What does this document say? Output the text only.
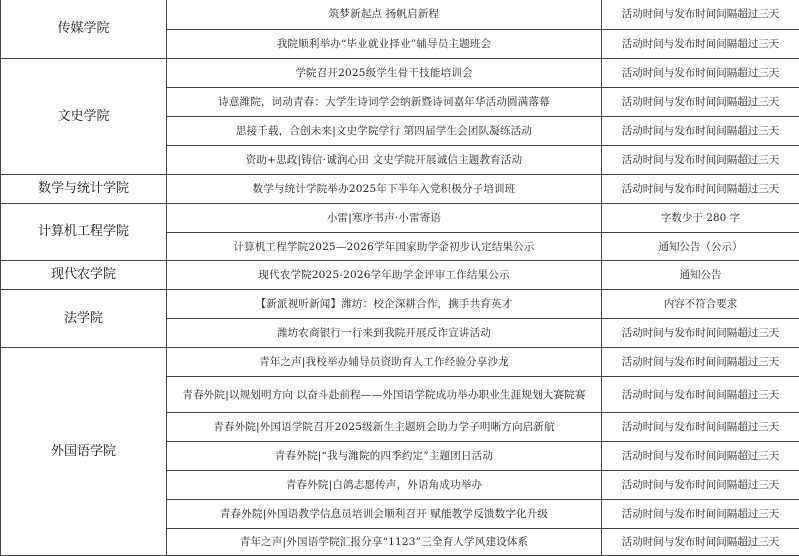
传媒学院	筑梦新起点 扬帆启新程	活动时间与发布时间间隔超过三天
	我院顺利举办“毕业就业择业”辅导员主题班会	活动时间与发布时间间隔超过三天
文史学院	学院召开2025级学生骨干技能培训会	活动时间与发布时间间隔超过三天
	诗意潍院，词动青春：大学生诗词学会纳新暨诗词嘉年华活动圆满落幕	活动时间与发布时间间隔超过三天
	思接千载，合创未来|文史学院学行 第四届学生会团队凝练活动	活动时间与发布时间间隔超过三天
	资助+思政|铸信·诚润心田 文史学院开展诚信主题教育活动	活动时间与发布时间间隔超过三天
数学与统计学院	数学与统计学院举办2025年下半年入党积极分子培训班	活动时间与发布时间间隔超过三天
计算机工程学院	小雷|寒序书声·小雷寄语	字数少于 280 字
	计算机工程学院2025—2026学年国家助学金初步认定结果公示	通知公告（公示）
现代农学院	现代农学院2025-2026学年助学金评审工作结果公示	通知公告
法学院	【新派视听新闻】潍坊：校企深耕合作，携手共育英才	内容不符合要求
	潍坊农商银行一行来到我院开展反诈宣讲活动	活动时间与发布时间间隔超过三天
外国语学院	青年之声|我校举办辅导员资助育人工作经验分享沙龙	活动时间与发布时间间隔超过三天
	青春外院|以规划明方向 以奋斗赴前程——外国语学院成功举办职业生涯规划大赛院赛	活动时间与发布时间间隔超过三天
	青春外院|外国语学院召开2025级新生主题班会助力学子明晰方向启新航	活动时间与发布时间间隔超过三天
	青春外院|“我与潍院的四季约定”主题团日活动	活动时间与发布时间间隔超过三天
	青春外院|白鸽志愿传声，外语角成功举办	活动时间与发布时间间隔超过三天
	青春外院|外国语教学信息员培训会顺利召开 赋能教学反馈数字化升级	活动时间与发布时间间隔超过三天
	青年之声|外国语学院汇报分享“1123”三全育人学风建设体系	活动时间与发布时间间隔超过三天
